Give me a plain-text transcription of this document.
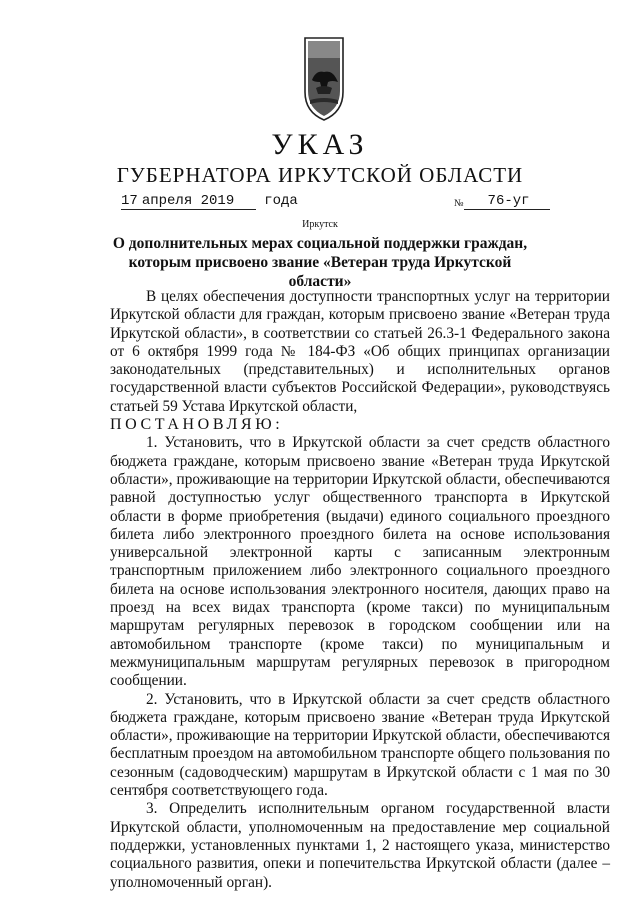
УКАЗ
ГУБЕРНАТОРА ИРКУТСКОЙ ОБЛАСТИ
17 апреля 2019 года	№ 76-уг
Иркутск
О дополнительных мерах социальной поддержки граждан, которым присвоено звание «Ветеран труда Иркутской области»

В целях обеспечения доступности транспортных услуг на территории Иркутской области для граждан, которым присвоено звание «Ветеран труда Иркутской области», в соответствии со статьей 26.3-1 Федерального закона от 6 октября 1999 года № 184-ФЗ «Об общих принципах организации законодательных (представительных) и исполнительных органов государственной власти субъектов Российской Федерации», руководствуясь статьей 59 Устава Иркутской области,

ПОСТАНОВЛЯЮ:

1. Установить, что в Иркутской области за счет средств областного бюджета граждане, которым присвоено звание «Ветеран труда Иркутской области», проживающие на территории Иркутской области, обеспечиваются равной доступностью услуг общественного транспорта в Иркутской области в форме приобретения (выдачи) единого социального проездного билета либо электронного проездного билета на основе использования универсальной электронной карты с записанным электронным транспортным приложением либо электронного социального проездного билета на основе использования электронного носителя, дающих право на проезд на всех видах транспорта (кроме такси) по муниципальным маршрутам регулярных перевозок в городском сообщении или на автомобильном транспорте (кроме такси) по муниципальным и межмуниципальным маршрутам регулярных перевозок в пригородном сообщении.

2. Установить, что в Иркутской области за счет средств областного бюджета граждане, которым присвоено звание «Ветеран труда Иркутской области», проживающие на территории Иркутской области, обеспечиваются бесплатным проездом на автомобильном транспорте общего пользования по сезонным (садоводческим) маршрутам в Иркутской области с 1 мая по 30 сентября соответствующего года.

3. Определить исполнительным органом государственной власти Иркутской области, уполномоченным на предоставление мер социальной поддержки, установленных пунктами 1, 2 настоящего указа, министерство социального развития, опеки и попечительства Иркутской области (далее – уполномоченный орган).
